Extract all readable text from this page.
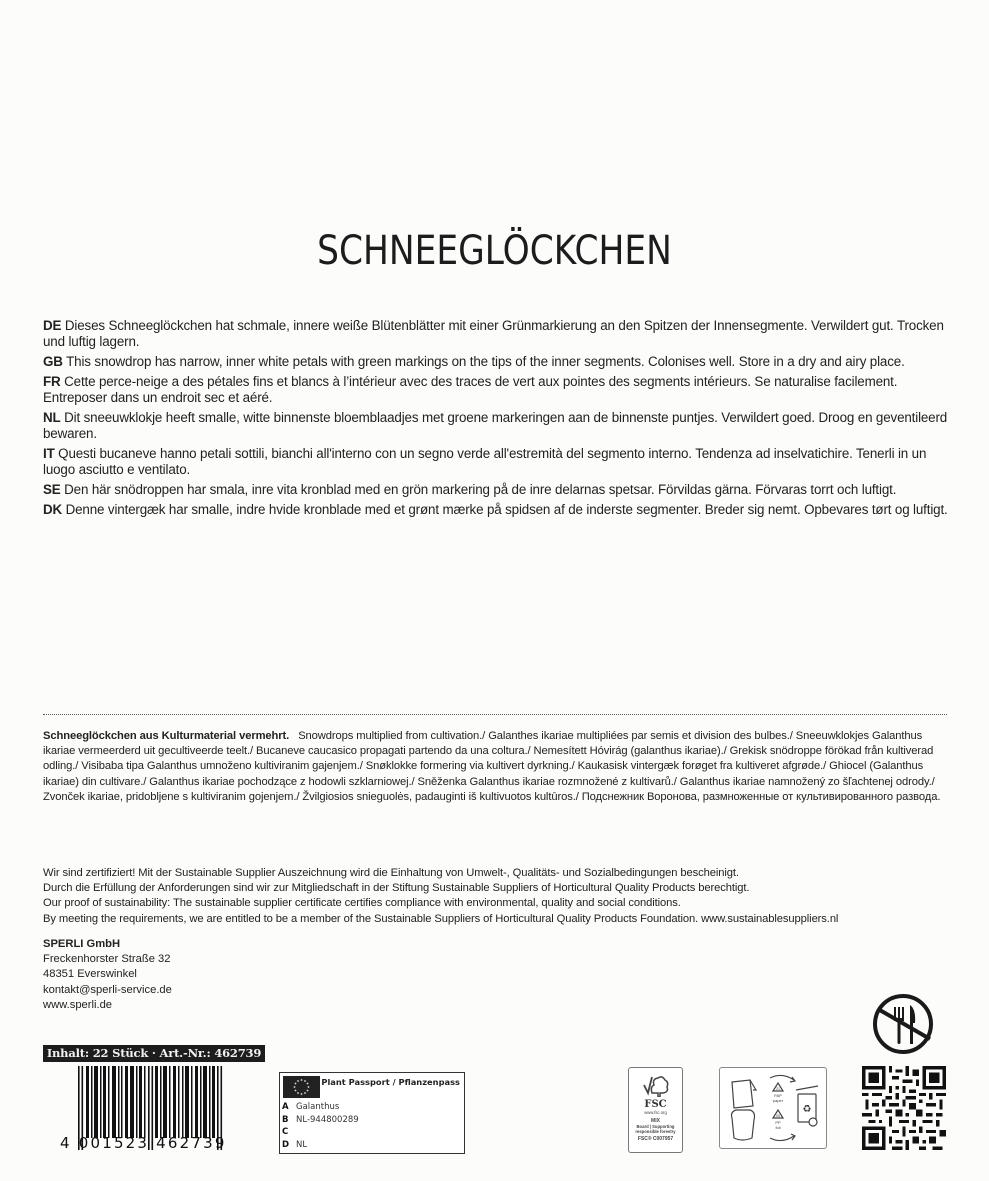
SCHNEEGLÖCKCHEN

DE Dieses Schneeglöckchen hat schmale, innere weiße Blütenblätter mit einer Grünmarkierung an den Spitzen der Innensegmente. Verwildert gut. Trocken und luftig lagern.

GB This snowdrop has narrow, inner white petals with green markings on the tips of the inner segments. Colonises well. Store in a dry and airy place.

FR Cette perce-neige a des pétales fins et blancs à l’intérieur avec des traces de vert aux pointes des segments intérieurs. Se naturalise facilement. Entreposer dans un endroit sec et aéré.

NL Dit sneeuwklokje heeft smalle, witte binnenste bloemblaadjes met groene markeringen aan de binnenste puntjes. Verwildert goed. Droog en geventileerd bewaren.

IT Questi bucaneve hanno petali sottili, bianchi all'interno con un segno verde all'estremità del segmento interno. Tendenza ad inselvatichire. Tenerli in un luogo asciutto e ventilato.

SE Den här snödroppen har smala, inre vita kronblad med en grön markering på de inre delarnas spetsar. Förvildas gärna. Förvaras torrt och luftigt.

DK Denne vintergæk har smalle, indre hvide kronblade med et grønt mærke på spidsen af de inderste segmenter. Breder sig nemt. Opbevares tørt og luftigt.

Schneeglöckchen aus Kulturmaterial vermehrt.   Snowdrops multiplied from cultivation./ Galanthes ikariae multipliées par semis et division des bulbes./ Sneeuwklokjes Galanthus ikariae vermeerderd uit gecultiveerde teelt./ Bucaneve caucasico propagati partendo da una coltura./ Nemesített Hóvirág (galanthus ikariae)./ Grekisk snödroppe förökad från kultiverad odling./ Visibaba tipa Galanthus umnoženo kultiviranim gajenjem./ Snøklokke formering via kultivert dyrkning./ Kaukasisk vintergæk forøget fra kultiveret afgrøde./ Ghiocel (Galanthus ikariae) din cultivare./ Galanthus ikariae pochodzące z hodowli szklarniowej./ Sněženka Galanthus ikariae rozmnožené z kultivarů./ Galanthus ikariae namnožený zo šľachtenej odrody./ Zvonček ikariae, pridobljene s kultiviranim gojenjem./ Žvilgiosios snieguolės, padauginti iš kultivuotos kultūros./ Подснежник Воронова, размноженные от культивированного развода.
Wir sind zertifiziert! Mit der Sustainable Supplier Auszeichnung wird die Einhaltung von Umwelt-, Qualitäts- und Sozialbedingungen bescheinigt.
Durch die Erfüllung der Anforderungen sind wir zur Mitgliedschaft in der Stiftung Sustainable Suppliers of Horticultural Quality Products berechtigt.
Our proof of sustainability: The sustainable supplier certificate certifies compliance with environmental, quality and social conditions.
By meeting the requirements, we are entitled to be a member of the Sustainable Suppliers of Horticultural Quality Products Foundation. www.sustainablesuppliers.nl
SPERLI GmbH
Freckenhorster Straße 32
48351 Everswinkel
kontakt@sperli-service.de
www.sperli.de
Inhalt: 22 Stück · Art.-Nr.: 462739
4 001523 462739
Plant Passport / Pflanzenpass
A Galanthus
B NL-944800289
C
D NL
FSC
www.fsc.org
MIX
Board | Supporting
responsible forestry
FSC® C007957
21
PAP
paper
05
PP
foil
♻
